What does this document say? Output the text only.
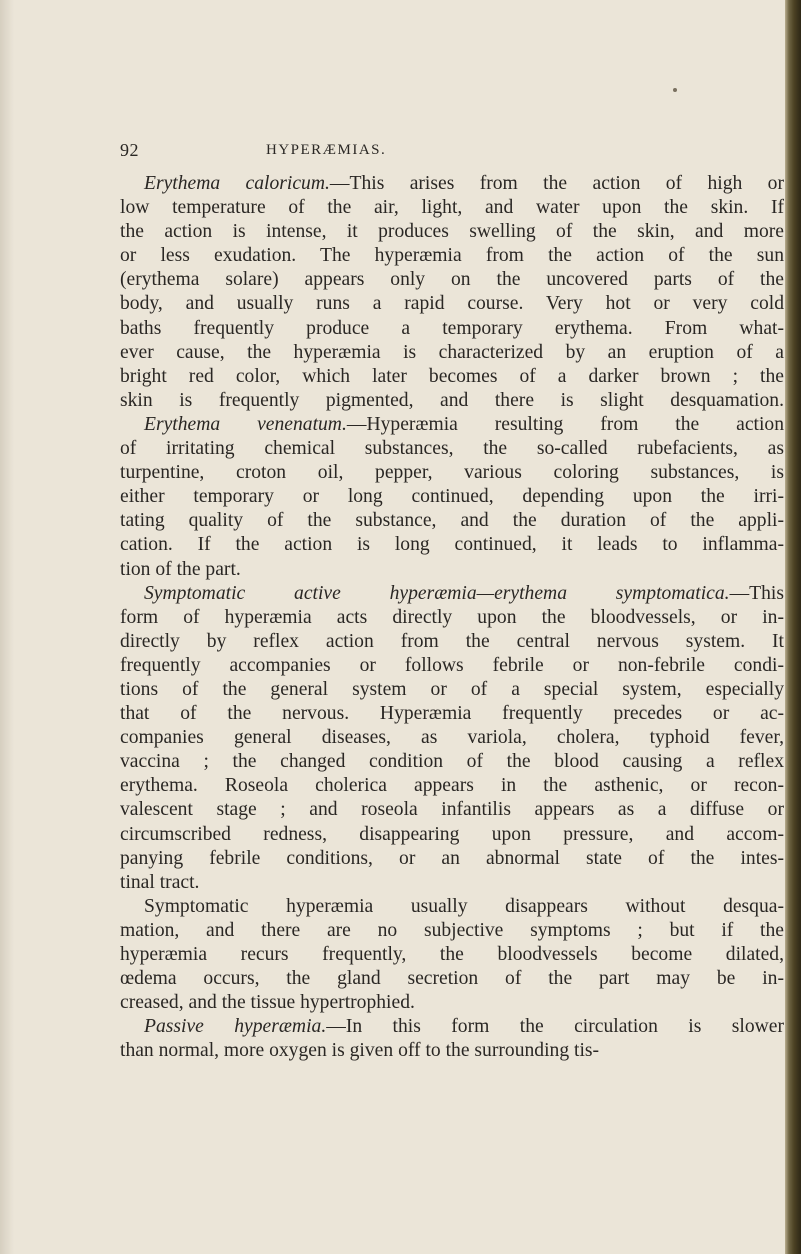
92	HYPERÆMIAS.
Erythema caloricum.—This arises from the action of high or
low temperature of the air, light, and water upon the skin. If
the action is intense, it produces swelling of the skin, and more
or less exudation. The hyperæmia from the action of the sun
(erythema solare) appears only on the uncovered parts of the
body, and usually runs a rapid course. Very hot or very cold
baths frequently produce a temporary erythema. From what-
ever cause, the hyperæmia is characterized by an eruption of a
bright red color, which later becomes of a darker brown ; the
skin is frequently pigmented, and there is slight desquamation.
Erythema venenatum.—Hyperæmia resulting from the action
of irritating chemical substances, the so-called rubefacients, as
turpentine, croton oil, pepper, various coloring substances, is
either temporary or long continued, depending upon the irri-
tating quality of the substance, and the duration of the appli-
cation. If the action is long continued, it leads to inflamma-
tion of the part.
Symptomatic active hyperæmia—erythema symptomatica.—This
form of hyperæmia acts directly upon the bloodvessels, or in-
directly by reflex action from the central nervous system. It
frequently accompanies or follows febrile or non-febrile condi-
tions of the general system or of a special system, especially
that of the nervous. Hyperæmia frequently precedes or ac-
companies general diseases, as variola, cholera, typhoid fever,
vaccina ; the changed condition of the blood causing a reflex
erythema. Roseola cholerica appears in the asthenic, or recon-
valescent stage ; and roseola infantilis appears as a diffuse or
circumscribed redness, disappearing upon pressure, and accom-
panying febrile conditions, or an abnormal state of the intes-
tinal tract.
Symptomatic hyperæmia usually disappears without desqua-
mation, and there are no subjective symptoms ; but if the
hyperæmia recurs frequently, the bloodvessels become dilated,
œdema occurs, the gland secretion of the part may be in-
creased, and the tissue hypertrophied.
Passive hyperæmia.—In this form the circulation is slower
than normal, more oxygen is given off to the surrounding tis-
